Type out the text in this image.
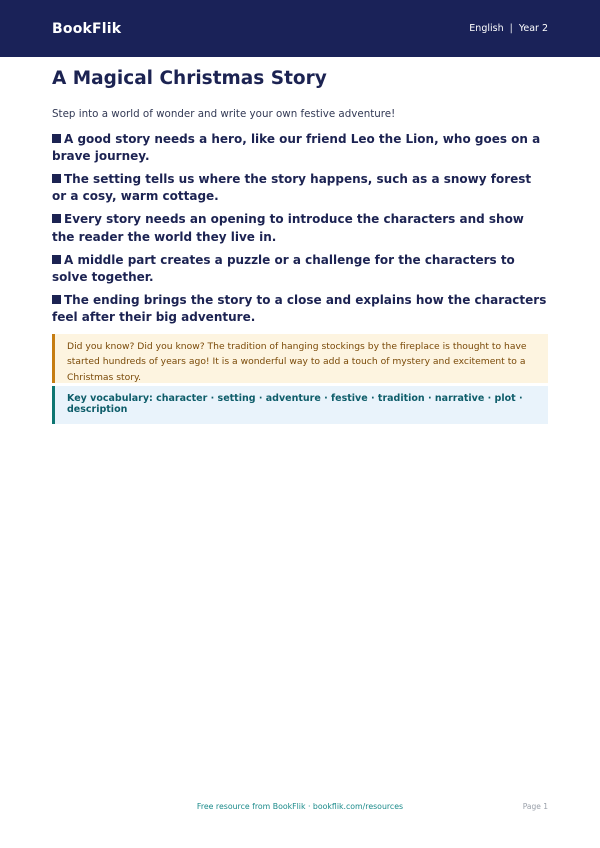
BookFlik	English | Year 2
A Magical Christmas Story

Step into a world of wonder and write your own festive adventure!

A good story needs a hero, like our friend Leo the Lion, who goes on a brave journey.
The setting tells us where the story happens, such as a snowy forest or a cosy, warm cottage.
Every story needs an opening to introduce the characters and show the reader the world they live in.
A middle part creates a puzzle or a challenge for the characters to solve together.
The ending brings the story to a close and explains how the characters feel after their big adventure.
Did you know? Did you know? The tradition of hanging stockings by the fireplace is thought to have started hundreds of years ago! It is a wonderful way to add a touch of mystery and excitement to a Christmas story.
Key vocabulary: character · setting · adventure · festive · tradition · narrative · plot · description
Free resource from BookFlik · bookflik.com/resources	Page 1
